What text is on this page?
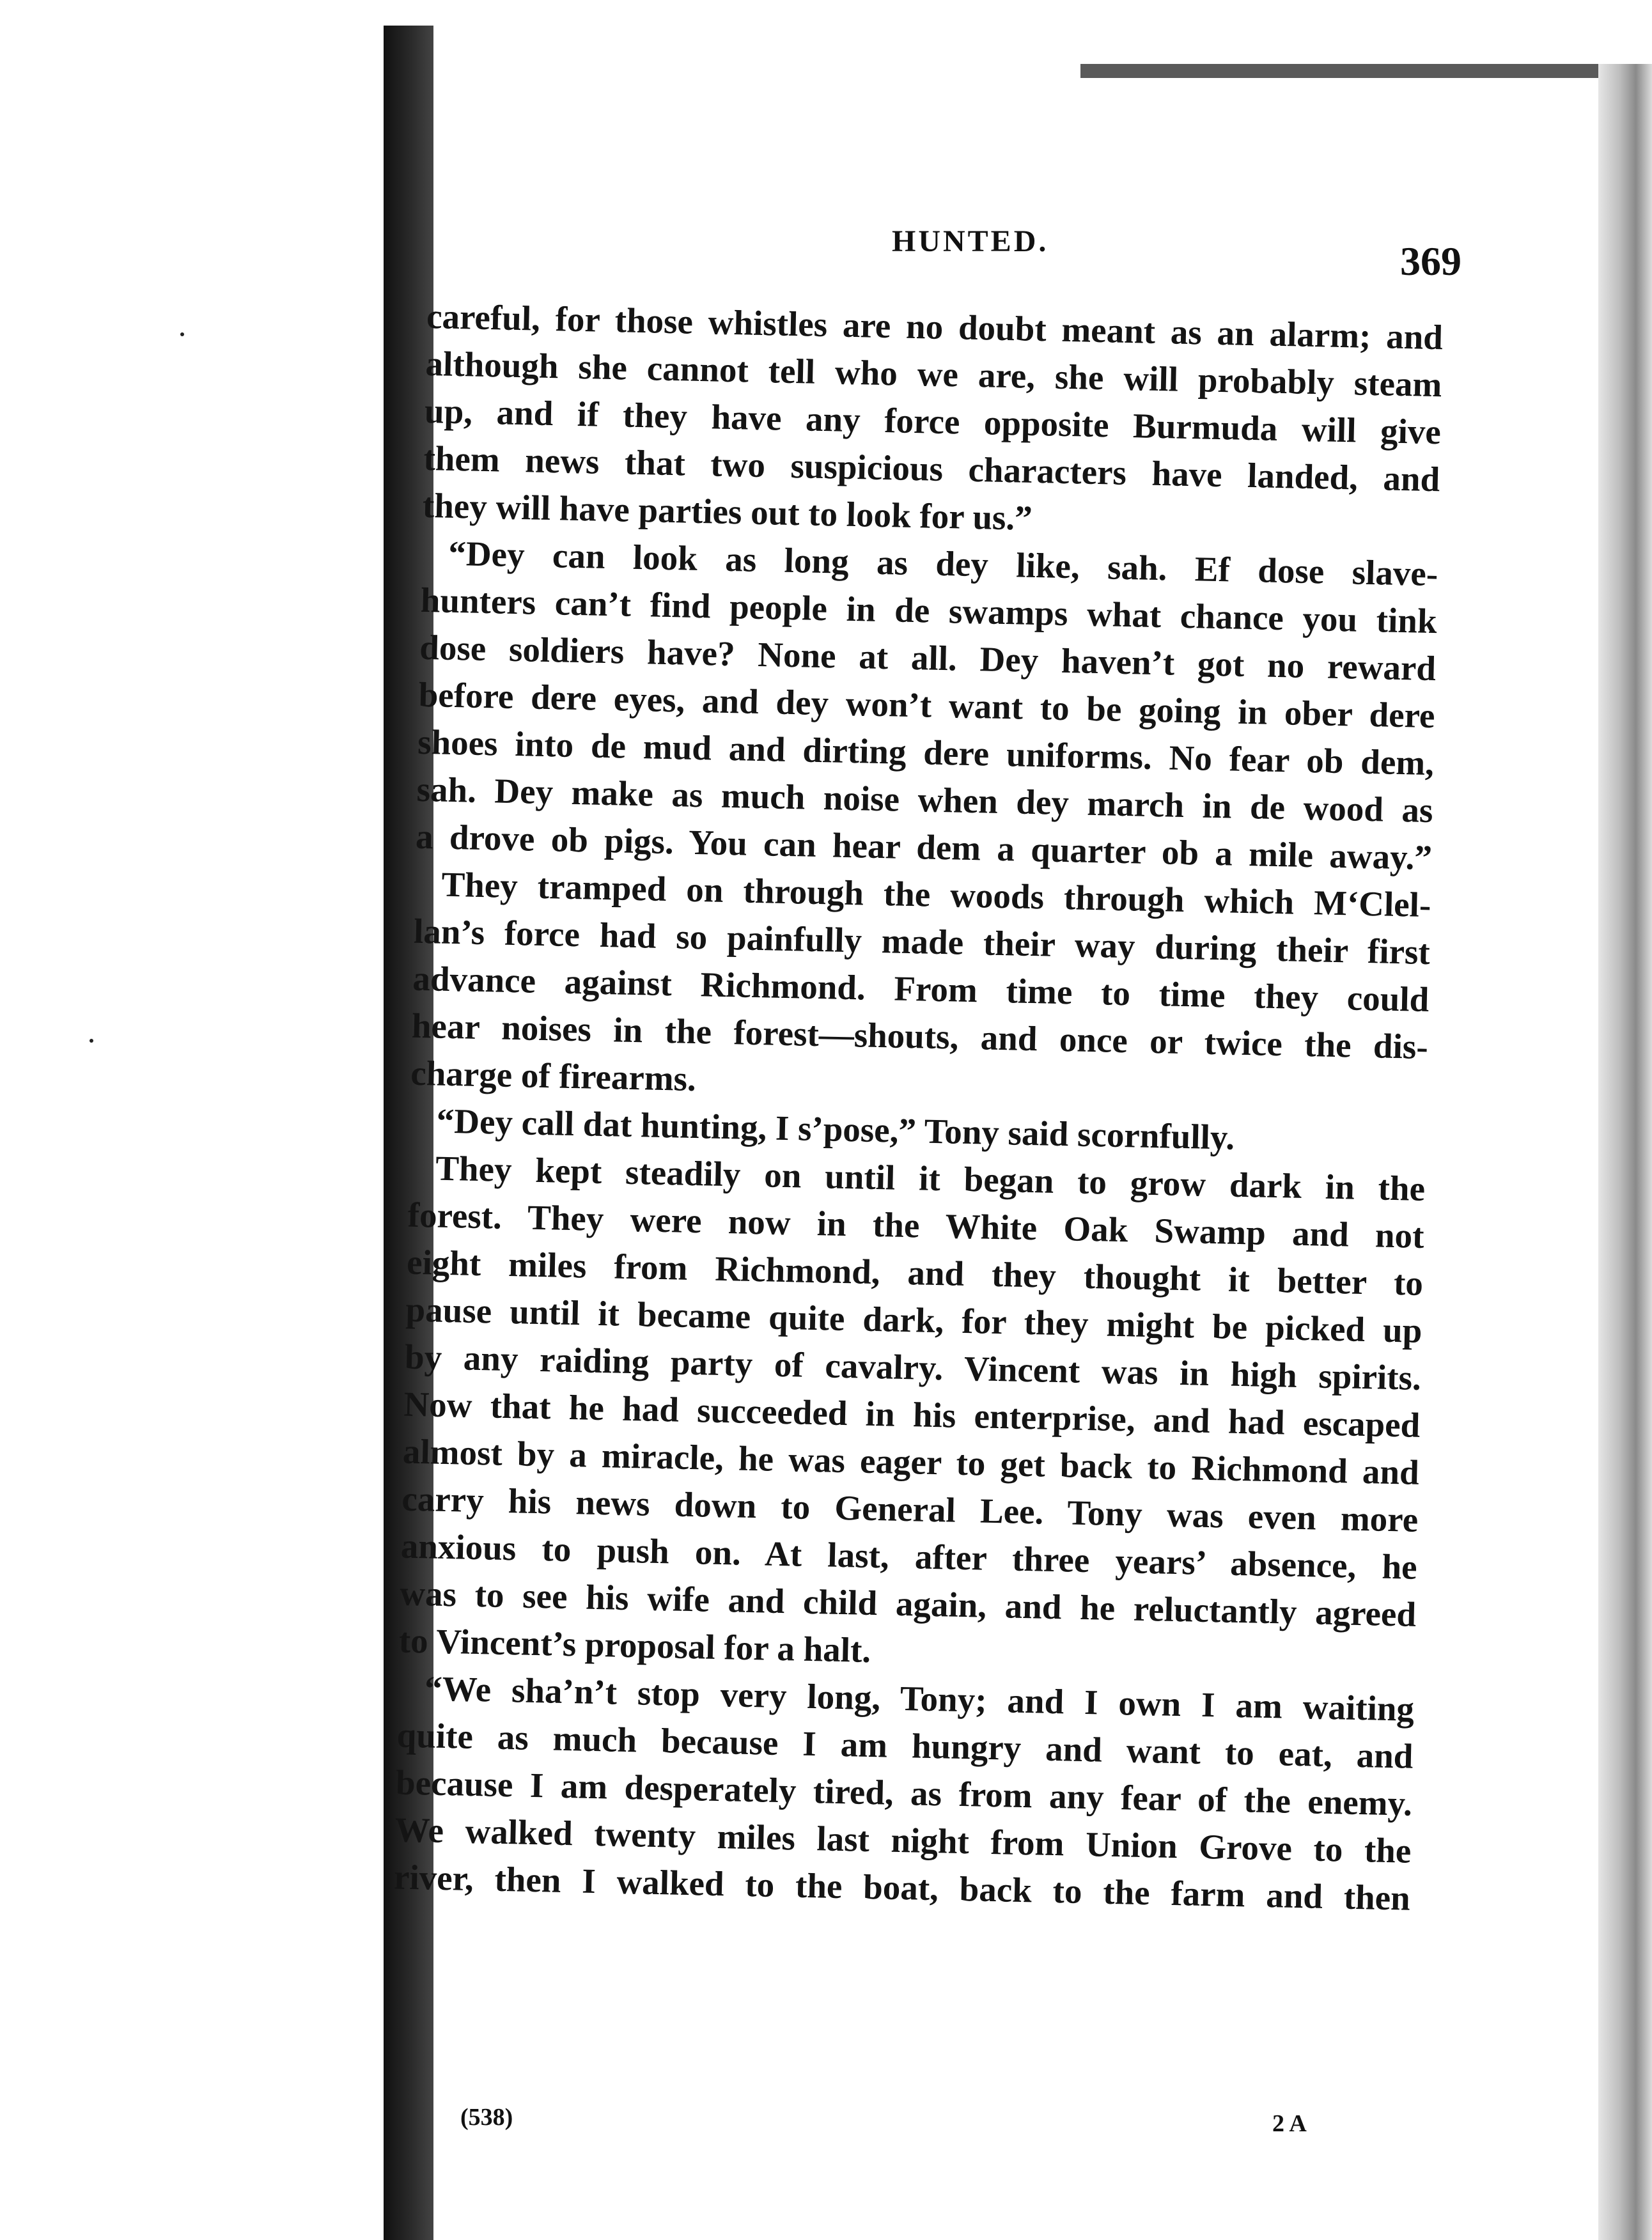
HUNTED.	369
careful, for those whistles are no doubt meant as an alarm; and
although she cannot tell who we are, she will probably steam
up, and if they have any force opposite Burmuda will give
them news that two suspicious characters have landed, and
they will have parties out to look for us.”
“Dey can look as long as dey like, sah. Ef dose slave-
hunters can’t find people in de swamps what chance you tink
dose soldiers have? None at all. Dey haven’t got no reward
before dere eyes, and dey won’t want to be going in ober dere
shoes into de mud and dirting dere uniforms. No fear ob dem,
sah. Dey make as much noise when dey march in de wood as
a drove ob pigs. You can hear dem a quarter ob a mile away.”
They tramped on through the woods through which M‘Clel-
lan’s force had so painfully made their way during their first
advance against Richmond. From time to time they could
hear noises in the forest—shouts, and once or twice the dis-
charge of firearms.
“Dey call dat hunting, I s’pose,” Tony said scornfully.
They kept steadily on until it began to grow dark in the
forest. They were now in the White Oak Swamp and not
eight miles from Richmond, and they thought it better to
pause until it became quite dark, for they might be picked up
by any raiding party of cavalry. Vincent was in high spirits.
Now that he had succeeded in his enterprise, and had escaped
almost by a miracle, he was eager to get back to Richmond and
carry his news down to General Lee. Tony was even more
anxious to push on. At last, after three years’ absence, he
was to see his wife and child again, and he reluctantly agreed
to Vincent’s proposal for a halt.
“We sha’n’t stop very long, Tony; and I own I am waiting
quite as much because I am hungry and want to eat, and
because I am desperately tired, as from any fear of the enemy.
We walked twenty miles last night from Union Grove to the
river, then I walked to the boat, back to the farm and then
(538)	2 A
